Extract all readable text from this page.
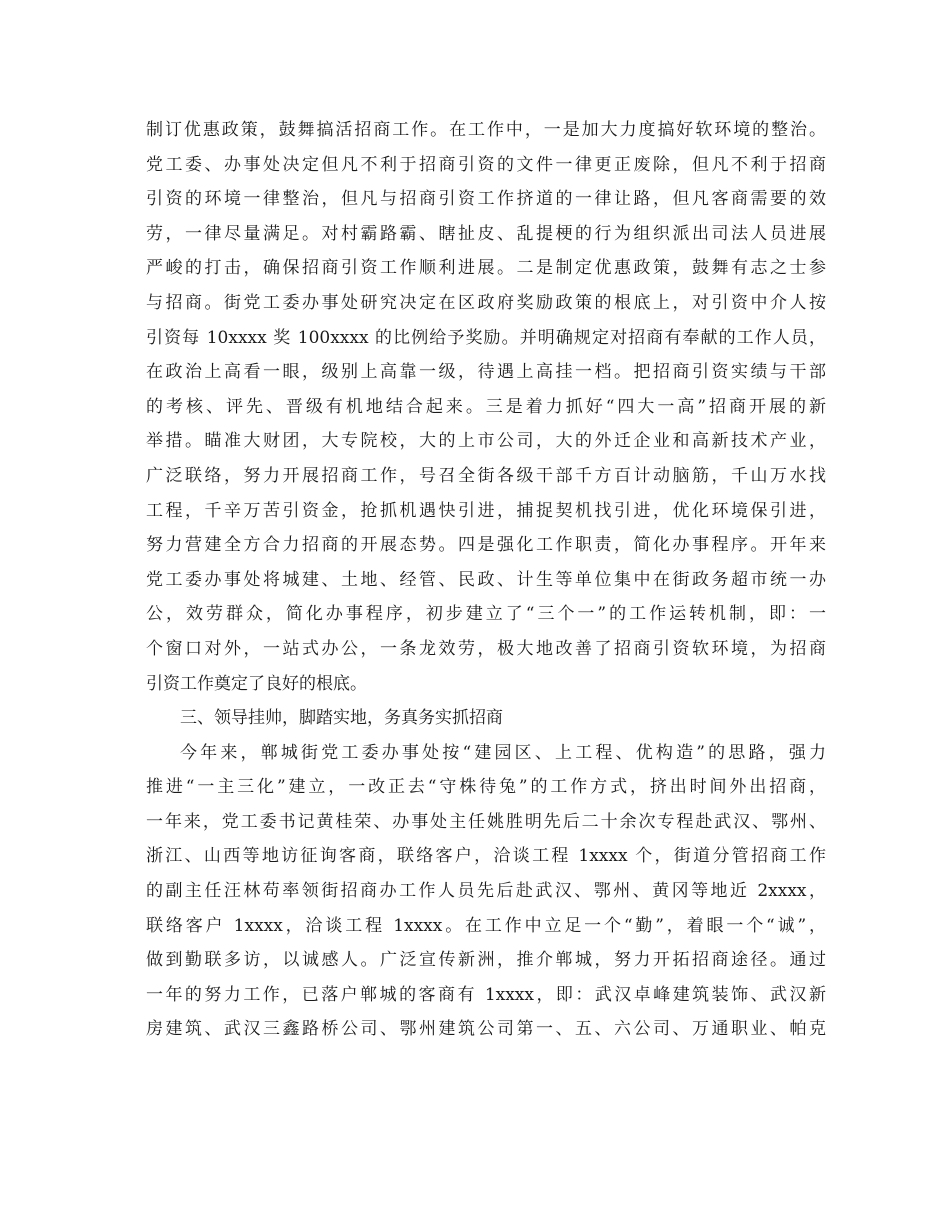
制订优惠政策，鼓舞搞活招商工作。在工作中，一是加大力度搞好软环境的整治。
党工委、办事处决定但凡不利于招商引资的文件一律更正废除，但凡不利于招商
引资的环境一律整治，但凡与招商引资工作挤道的一律让路，但凡客商需要的效
劳，一律尽量满足。对村霸路霸、瞎扯皮、乱提梗的行为组织派出司法人员进展
严峻的打击，确保招商引资工作顺利进展。二是制定优惠政策，鼓舞有志之士参
与招商。街党工委办事处研究决定在区政府奖励政策的根底上，对引资中介人按
引资每 10xxxx 奖 100xxxx 的比例给予奖励。并明确规定对招商有奉献的工作人员，
在政治上高看一眼，级别上高靠一级，待遇上高挂一档。把招商引资实绩与干部
的考核、评先、晋级有机地结合起来。三是着力抓好“四大一高”招商开展的新
举措。瞄准大财团，大专院校，大的上市公司，大的外迁企业和高新技术产业，
广泛联络，努力开展招商工作，号召全街各级干部千方百计动脑筋，千山万水找
工程，千辛万苦引资金，抢抓机遇快引进，捕捉契机找引进，优化环境保引进，
努力营建全方合力招商的开展态势。四是强化工作职责，简化办事程序。开年来
党工委办事处将城建、土地、经管、民政、计生等单位集中在街政务超市统一办
公，效劳群众，简化办事程序，初步建立了“三个一”的工作运转机制，即：一
个窗口对外，一站式办公，一条龙效劳，极大地改善了招商引资软环境，为招商
引资工作奠定了良好的根底。
三、领导挂帅，脚踏实地，务真务实抓招商
今年来，郸城街党工委办事处按“建园区、上工程、优构造”的思路，强力
推进“一主三化”建立，一改正去“守株待兔”的工作方式，挤出时间外出招商，
一年来，党工委书记黄桂荣、办事处主任姚胜明先后二十余次专程赴武汉、鄂州、
浙江、山西等地访征询客商，联络客户，洽谈工程 1xxxx 个，街道分管招商工作
的副主任汪林苟率领街招商办工作人员先后赴武汉、鄂州、黄冈等地近 2xxxx，
联络客户 1xxxx，洽谈工程 1xxxx。在工作中立足一个“勤”，着眼一个“诚”，
做到勤联多访，以诚感人。广泛宣传新洲，推介郸城，努力开拓招商途径。通过
一年的努力工作，已落户郸城的客商有 1xxxx，即：武汉卓峰建筑装饰、武汉新
房建筑、武汉三鑫路桥公司、鄂州建筑公司第一、五、六公司、万通职业、帕克
